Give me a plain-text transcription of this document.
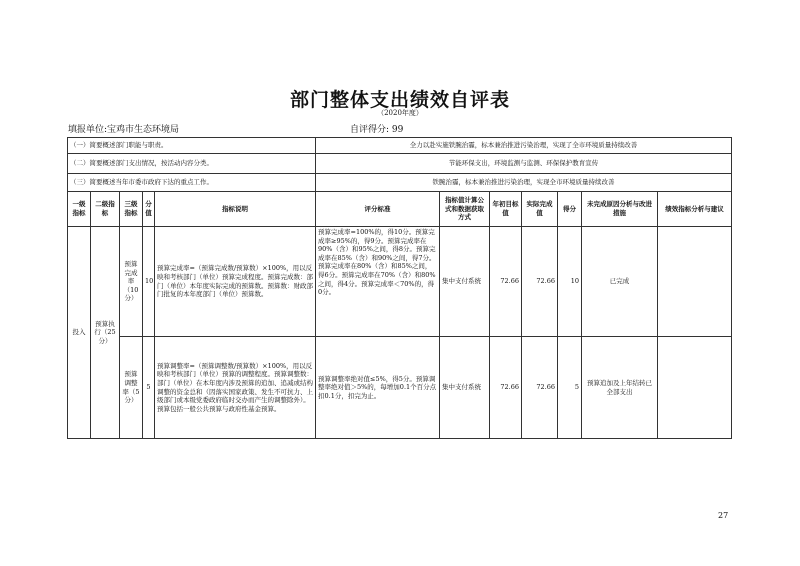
部门整体支出绩效自评表
（2020年度）
填报单位:宝鸡市生态环境局	自评得分: 99
（一）简要概述部门职能与职责。					全力以赴实施铁腕治霾，标本兼治推进污染治理，实现了全市环境质量持续改善						
（二）简要概述部门支出情况，按活动内容分类。					节能环保支出，环境监测与监测、环保保护教育宣传						
（三）简要概述当年市委市政府下达的重点工作。					铁腕治霾，标本兼治推进污染治理，实现全市环境质量持续改善						
一级指标	二级指标	三级指标	分值	指标说明	评分标准	指标值计算公式和数据获取方式	年初目标值	实际完成值	得分	未完成原因分析与改进措施	绩效指标分析与建议
投入	预算执行（25分）	预算完成率（10分）	10	预算完成率=（预算完成数/预算数）×100%，用以反映和考核部门（单位）预算完成程度。预算完成数：部门（单位）本年度实际完成的预算数。预算数：财政部门批复的本年度部门（单位）预算数。	预算完成率=100%的，得10分。预算完成率≥95%的，得9分。预算完成率在90%（含）和95%之间，得8分。预算完成率在85%（含）和90%之间，得7分。预算完成率在80%（含）和85%之间，得6分。预算完成率在70%（含）和80%之间，得4分。预算完成率＜70%的，得0分。	集中支付系统	72.66	72.66	10	已完成	
		预算调整率（5分）	5	预算调整率=（预算调整数/预算数）×100%，用以反映和考核部门（单位）预算的调整程度。预算调整数：部门（单位）在本年度内涉及预算的追加、追减或结构调整的资金总和（因落实国家政策、发生不可抗力、上级部门或本级党委政府临时交办而产生的调整除外）。预算包括一般公共预算与政府性基金预算。	预算调整率绝对值≤5%，得5分。预算调整率绝对值＞5%的，每增加0.1个百分点扣0.1分，扣完为止。	集中支付系统	72.66	72.66	5	预算追加及上年结转已全部支出	
27
